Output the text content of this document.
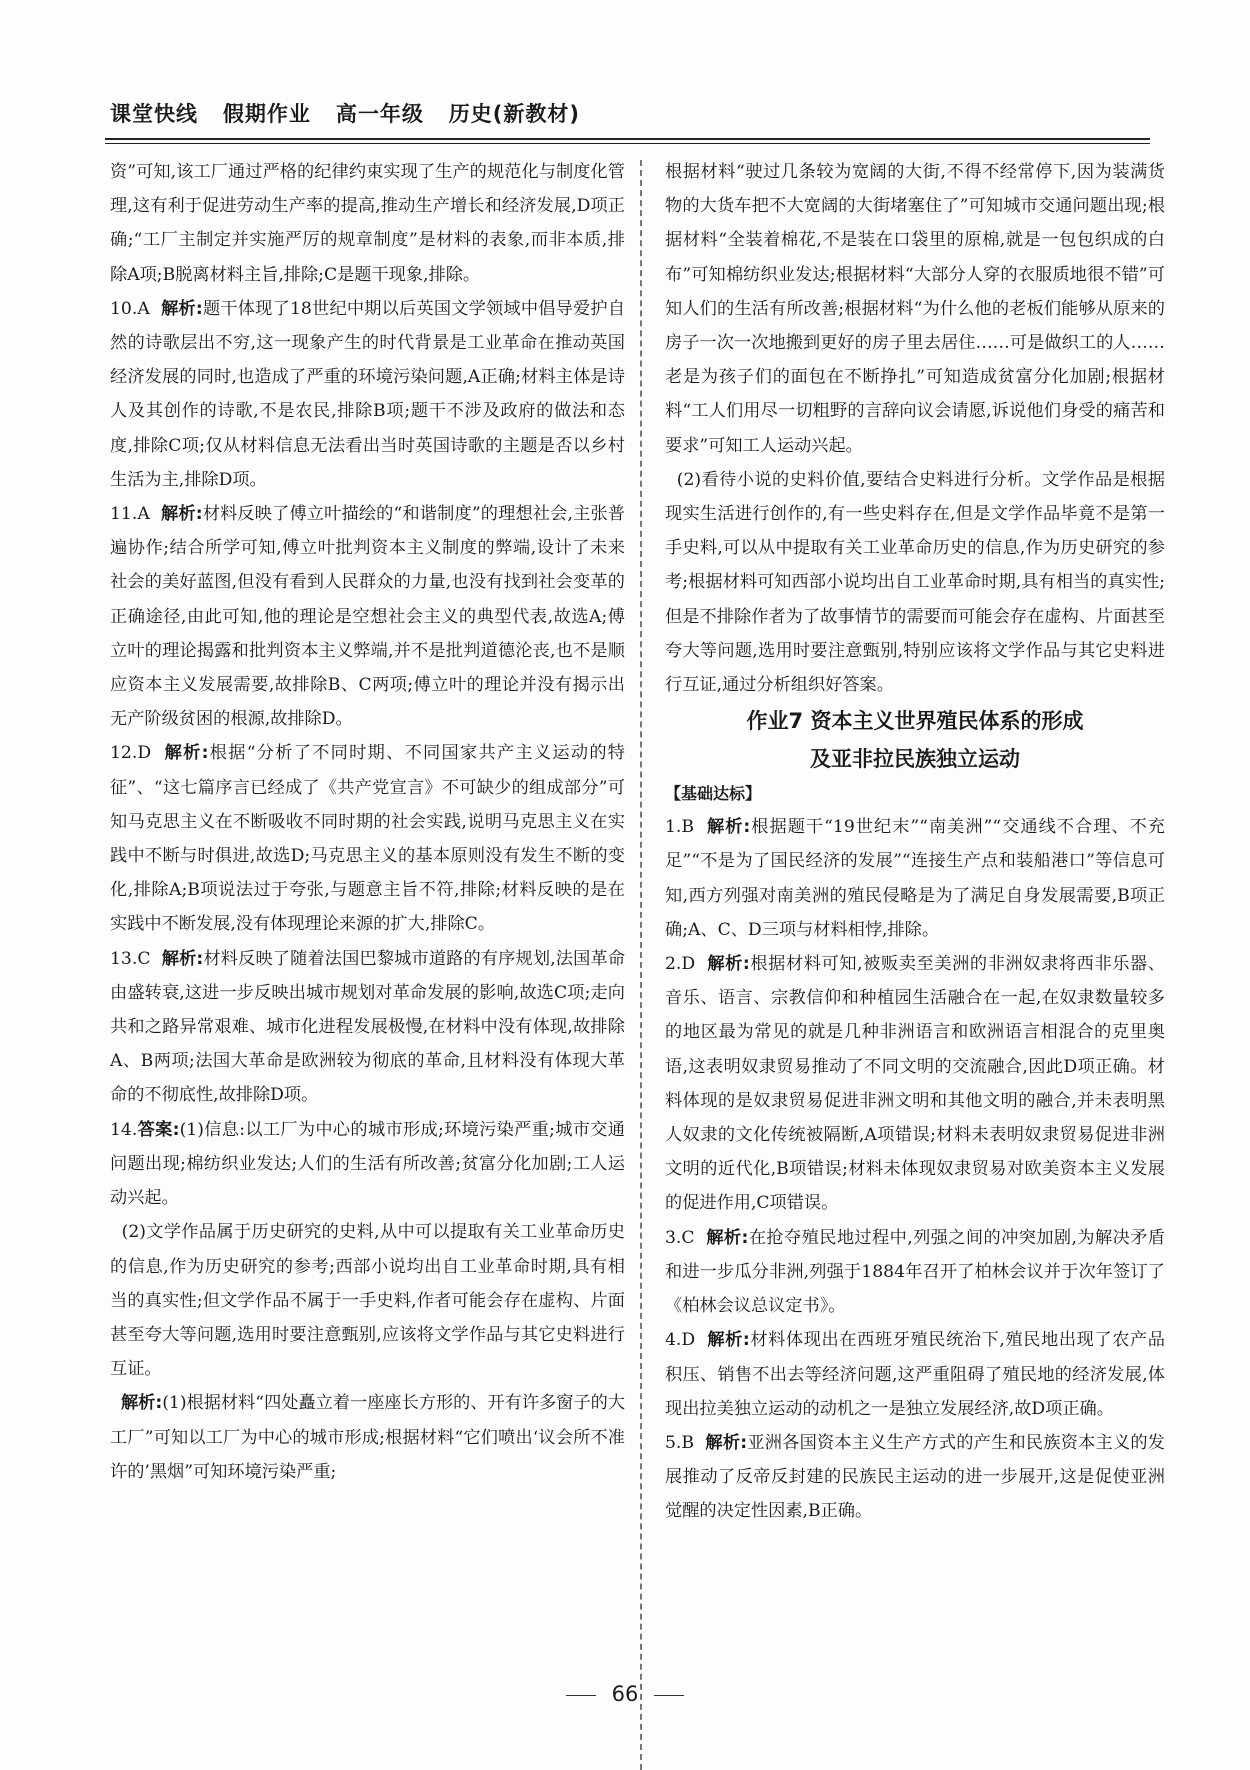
课堂快线   假期作业   高一年级   历史(新教材)

资”可知,该工厂通过严格的纪律约束实现了生产的规范化与制度化管理,这有利于促进劳动生产率的提高,推动生产增长和经济发展,D项正确;“工厂主制定并实施严厉的规章制度”是材料的表象,而非本质,排除A项;B脱离材料主旨,排除;C是题干现象,排除。

10.A 解析:题干体现了18世纪中期以后英国文学领域中倡导爱护自然的诗歌层出不穷,这一现象产生的时代背景是工业革命在推动英国经济发展的同时,也造成了严重的环境污染问题,A正确;材料主体是诗人及其创作的诗歌,不是农民,排除B项;题干不涉及政府的做法和态度,排除C项;仅从材料信息无法看出当时英国诗歌的主题是否以乡村生活为主,排除D项。

11.A 解析:材料反映了傅立叶描绘的“和谐制度”的理想社会,主张普遍协作;结合所学可知,傅立叶批判资本主义制度的弊端,设计了未来社会的美好蓝图,但没有看到人民群众的力量,也没有找到社会变革的正确途径,由此可知,他的理论是空想社会主义的典型代表,故选A;傅立叶的理论揭露和批判资本主义弊端,并不是批判道德沦丧,也不是顺应资本主义发展需要,故排除B、C两项;傅立叶的理论并没有揭示出无产阶级贫困的根源,故排除D。

12.D 解析:根据“分析了不同时期、不同国家共产主义运动的特征”、“这七篇序言已经成了《共产党宣言》不可缺少的组成部分”可知马克思主义在不断吸收不同时期的社会实践,说明马克思主义在实践中不断与时俱进,故选D;马克思主义的基本原则没有发生不断的变化,排除A;B项说法过于夸张,与题意主旨不符,排除;材料反映的是在实践中不断发展,没有体现理论来源的扩大,排除C。

13.C 解析:材料反映了随着法国巴黎城市道路的有序规划,法国革命由盛转衰,这进一步反映出城市规划对革命发展的影响,故选C项;走向共和之路异常艰难、城市化进程发展极慢,在材料中没有体现,故排除A、B两项;法国大革命是欧洲较为彻底的革命,且材料没有体现大革命的不彻底性,故排除D项。

14.答案:(1)信息:以工厂为中心的城市形成;环境污染严重;城市交通问题出现;棉纺织业发达;人们的生活有所改善;贫富分化加剧;工人运动兴起。

(2)文学作品属于历史研究的史料,从中可以提取有关工业革命历史的信息,作为历史研究的参考;西部小说均出自工业革命时期,具有相当的真实性;但文学作品不属于一手史料,作者可能会存在虚构、片面甚至夸大等问题,选用时要注意甄别,应该将文学作品与其它史料进行互证。

解析:(1)根据材料“四处矗立着一座座长方形的、开有许多窗子的大工厂”可知以工厂为中心的城市形成;根据材料“它们喷出‘议会所不准许的’黑烟”可知环境污染严重;

根据材料“驶过几条较为宽阔的大街,不得不经常停下,因为装满货物的大货车把不大宽阔的大街堵塞住了”可知城市交通问题出现;根据材料“全装着棉花,不是装在口袋里的原棉,就是一包包织成的白布”可知棉纺织业发达;根据材料“大部分人穿的衣服质地很不错”可知人们的生活有所改善;根据材料“为什么他的老板们能够从原来的房子一次一次地搬到更好的房子里去居住……可是做织工的人……老是为孩子们的面包在不断挣扎”可知造成贫富分化加剧;根据材料“工人们用尽一切粗野的言辞向议会请愿,诉说他们身受的痛苦和要求”可知工人运动兴起。

(2)看待小说的史料价值,要结合史料进行分析。文学作品是根据现实生活进行创作的,有一些史料存在,但是文学作品毕竟不是第一手史料,可以从中提取有关工业革命历史的信息,作为历史研究的参考;根据材料可知西部小说均出自工业革命时期,具有相当的真实性;但是不排除作者为了故事情节的需要而可能会存在虚构、片面甚至夸大等问题,选用时要注意甄别,特别应该将文学作品与其它史料进行互证,通过分析组织好答案。

作业7 资本主义世界殖民体系的形成
及亚非拉民族独立运动
【基础达标】

1.B 解析:根据题干“19世纪末”“南美洲”“交通线不合理、不充足”“不是为了国民经济的发展”“连接生产点和装船港口”等信息可知,西方列强对南美洲的殖民侵略是为了满足自身发展需要,B项正确;A、C、D三项与材料相悖,排除。

2.D 解析:根据材料可知,被贩卖至美洲的非洲奴隶将西非乐器、音乐、语言、宗教信仰和种植园生活融合在一起,在奴隶数量较多的地区最为常见的就是几种非洲语言和欧洲语言相混合的克里奥语,这表明奴隶贸易推动了不同文明的交流融合,因此D项正确。材料体现的是奴隶贸易促进非洲文明和其他文明的融合,并未表明黑人奴隶的文化传统被隔断,A项错误;材料未表明奴隶贸易促进非洲文明的近代化,B项错误;材料未体现奴隶贸易对欧美资本主义发展的促进作用,C项错误。

3.C 解析:在抢夺殖民地过程中,列强之间的冲突加剧,为解决矛盾和进一步瓜分非洲,列强于1884年召开了柏林会议并于次年签订了《柏林会议总议定书》。

4.D 解析:材料体现出在西班牙殖民统治下,殖民地出现了农产品积压、销售不出去等经济问题,这严重阻碍了殖民地的经济发展,体现出拉美独立运动的动机之一是独立发展经济,故D项正确。

5.B 解析:亚洲各国资本主义生产方式的产生和民族资本主义的发展推动了反帝反封建的民族民主运动的进一步展开,这是促使亚洲觉醒的决定性因素,B正确。

66
